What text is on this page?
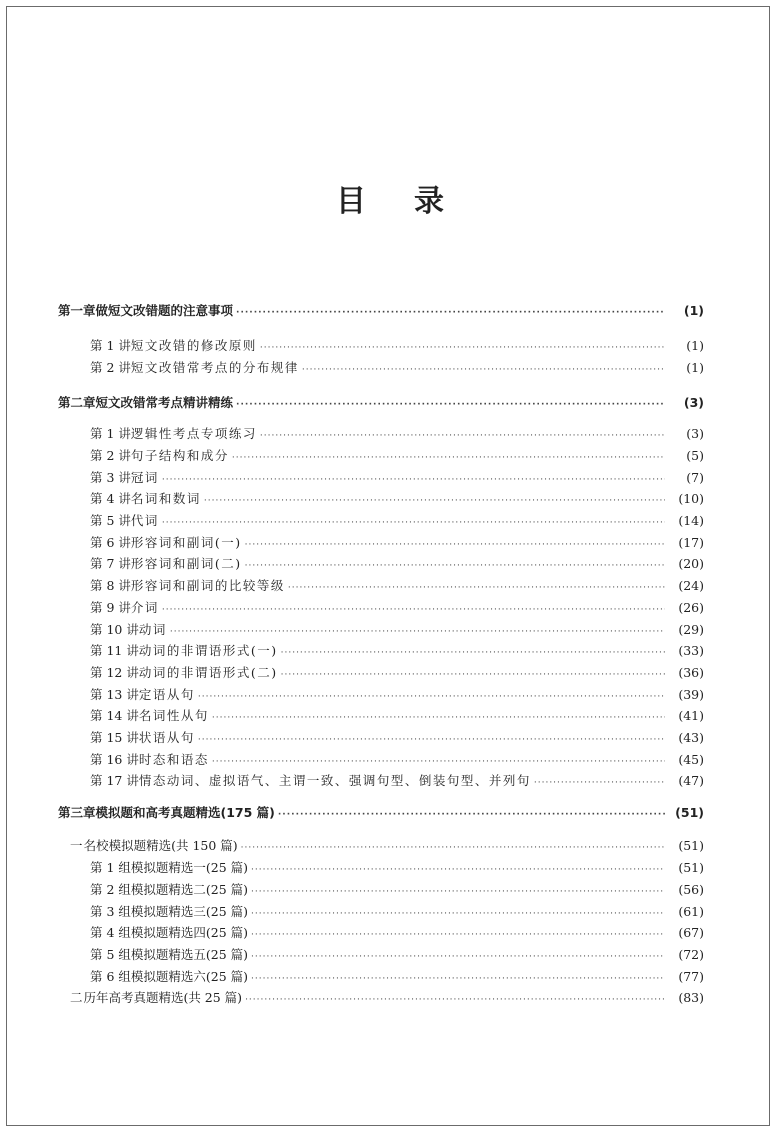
目 录
第一章 做短文改错题的注意事项 ·····	(1)
第 1 讲 短文改错的修改原则 ·····	(1)
第 2 讲 短文改错常考点的分布规律 ·····	(1)
第二章 短文改错常考点精讲精练 ·····	(3)
第 1 讲 逻辑性考点专项练习 ·····	(3)
第 2 讲 句子结构和成分 ·····	(5)
第 3 讲 冠词 ·····	(7)
第 4 讲 名词和数词 ·····	(10)
第 5 讲 代词 ·····	(14)
第 6 讲 形容词和副词(一) ·····	(17)
第 7 讲 形容词和副词(二) ·····	(20)
第 8 讲 形容词和副词的比较等级 ·····	(24)
第 9 讲 介词 ·····	(26)
第 10 讲 动词 ·····	(29)
第 11 讲 动词的非谓语形式(一) ·····	(33)
第 12 讲 动词的非谓语形式(二) ·····	(36)
第 13 讲 定语从句 ·····	(39)
第 14 讲 名词性从句 ·····	(41)
第 15 讲 状语从句 ·····	(43)
第 16 讲 时态和语态 ·····	(45)
第 17 讲 情态动词、虚拟语气、主谓一致、强调句型、倒装句型、并列句 ·····	(47)
第三章 模拟题和高考真题精选(175 篇) ·····	(51)
一 名校模拟题精选(共 150 篇) ·····	(51)
第 1 组 模拟题精选一(25 篇) ·····	(51)
第 2 组 模拟题精选二(25 篇) ·····	(56)
第 3 组 模拟题精选三(25 篇) ·····	(61)
第 4 组 模拟题精选四(25 篇) ·····	(67)
第 5 组 模拟题精选五(25 篇) ·····	(72)
第 6 组 模拟题精选六(25 篇) ·····	(77)
二 历年高考真题精选(共 25 篇) ·····	(83)
